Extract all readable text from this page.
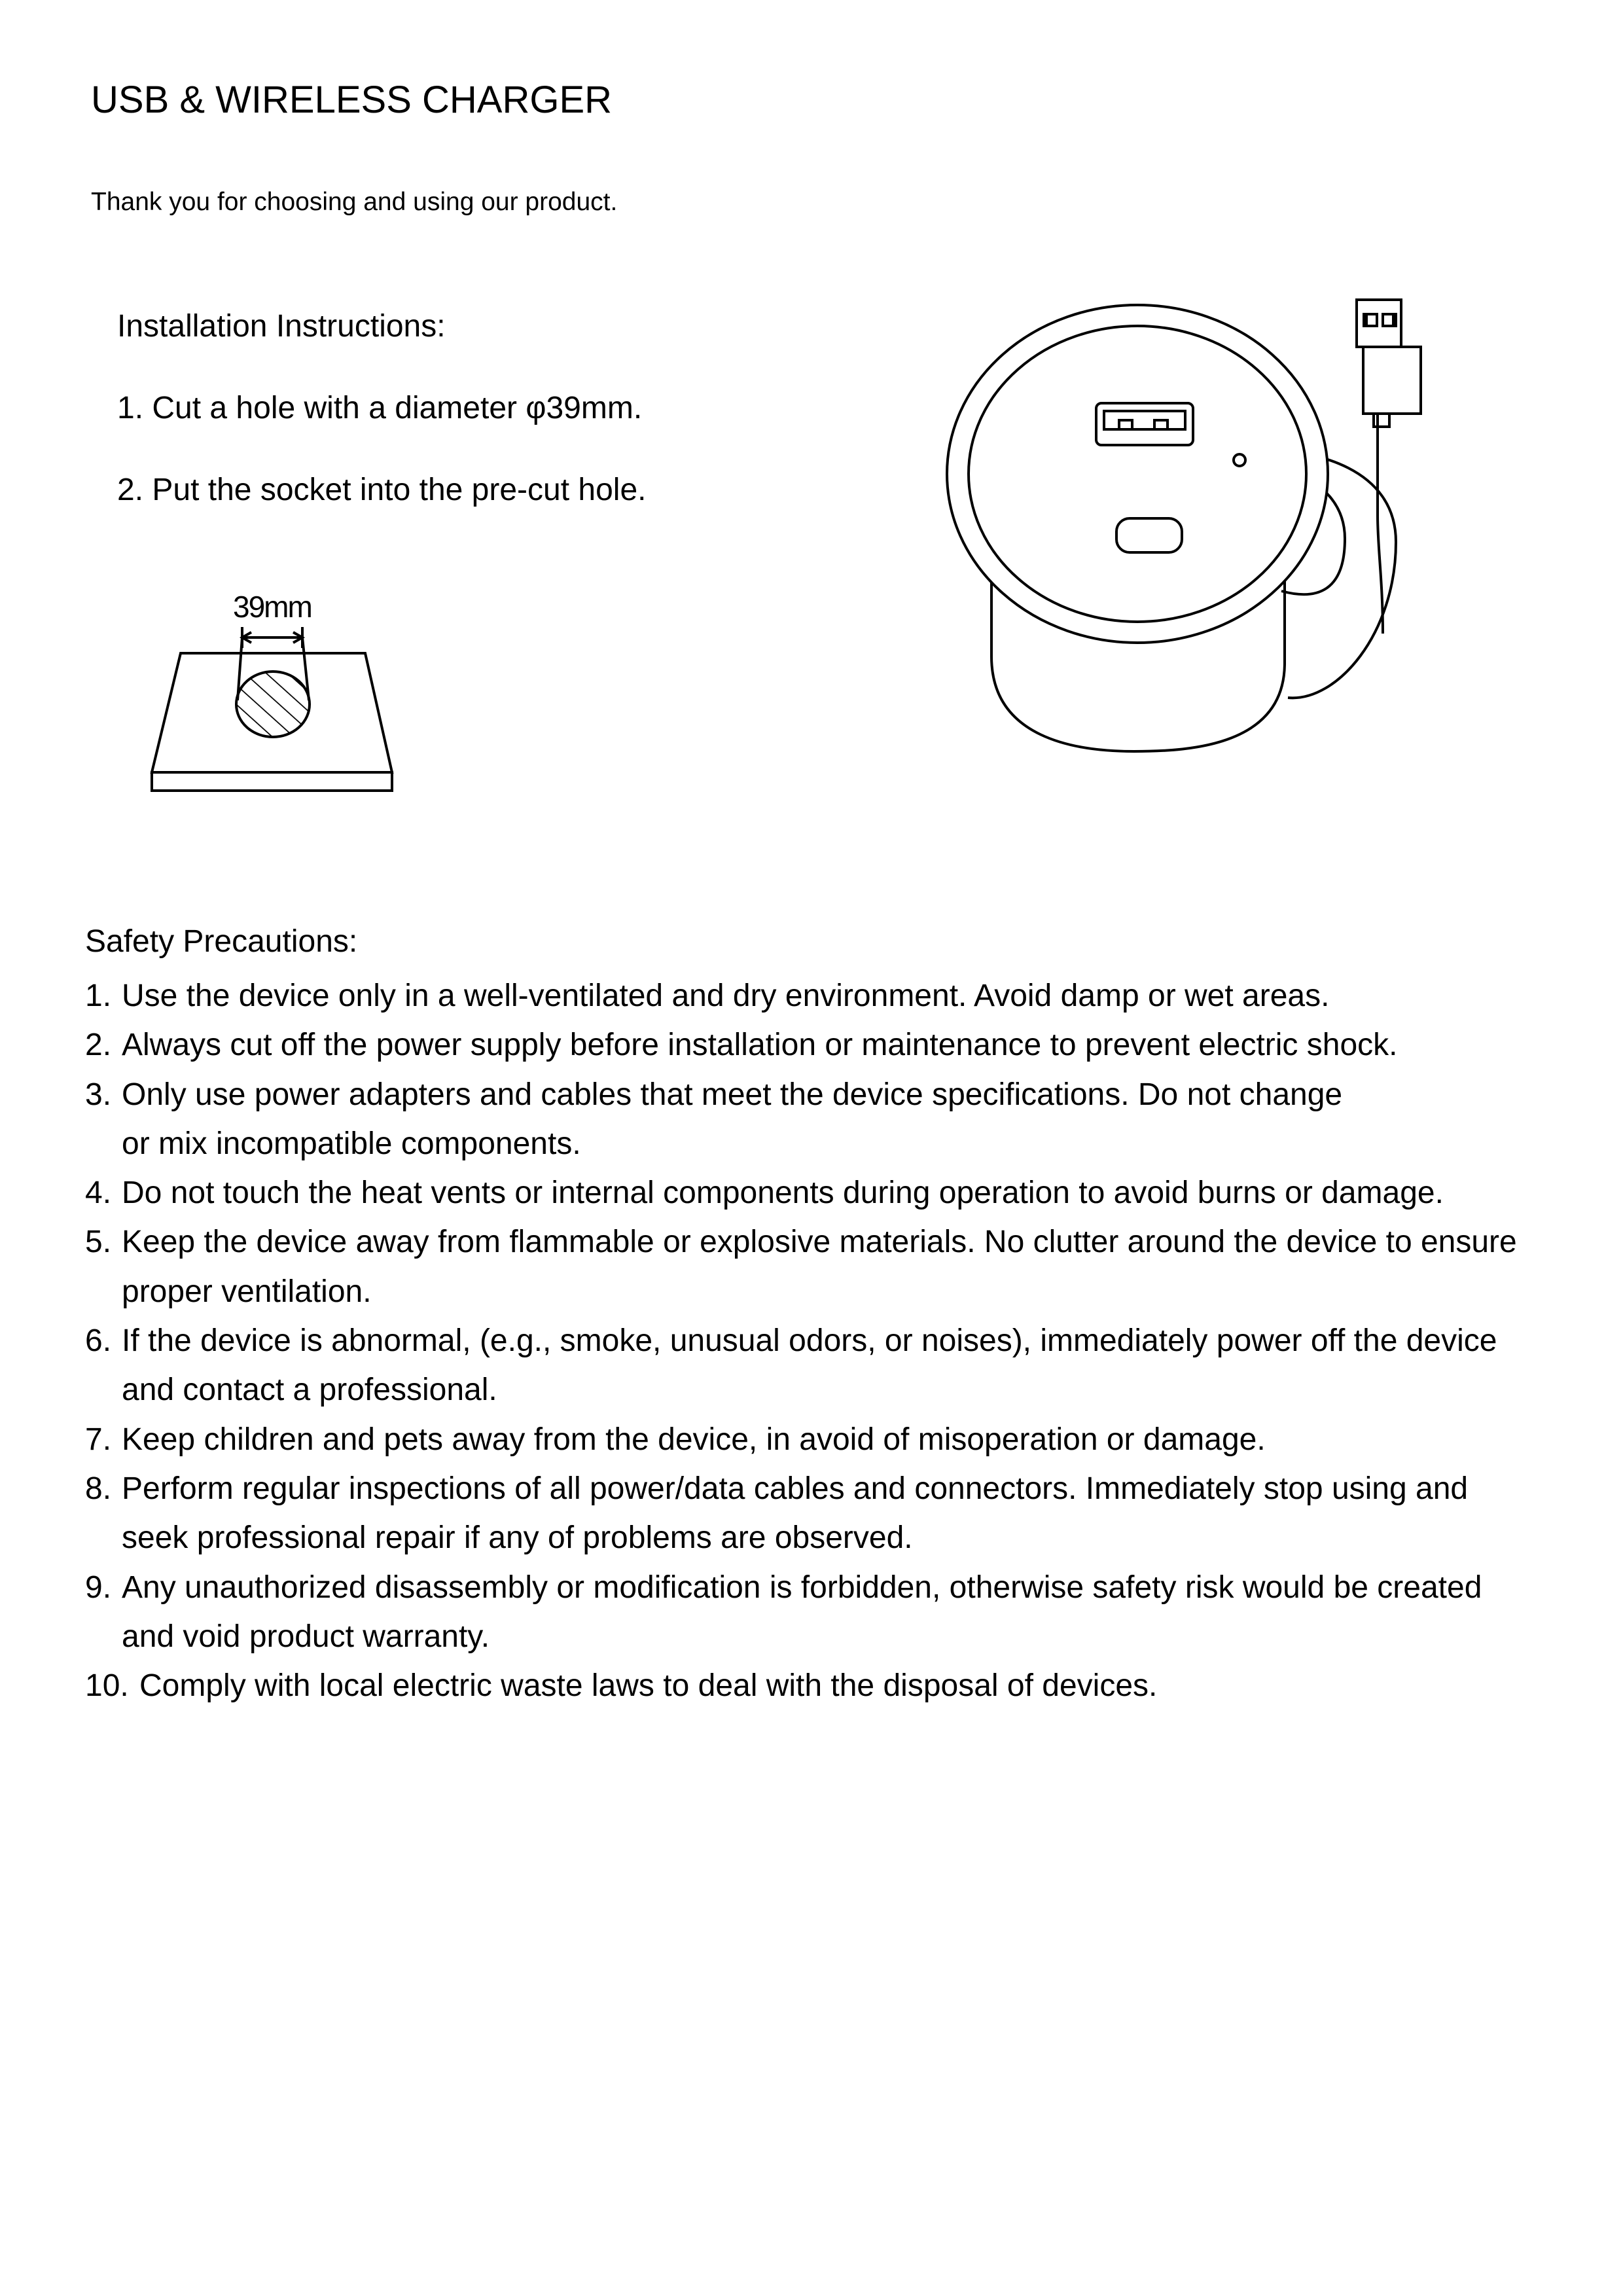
USB & WIRELESS CHARGER
Thank you for choosing and using our product.
Installation Instructions:
1. Cut a hole with a diameter φ39mm.
2. Put the socket into the pre-cut hole.
39mm
Safety Precautions:
1. Use the device only in a well-ventilated and dry environment. Avoid damp or wet areas.
2. Always cut off the power supply before installation or maintenance to prevent electric shock.
3. Only use power adapters and cables that meet the device specifications. Do not change
or mix incompatible components.
4. Do not touch the heat vents or internal components during operation to avoid burns or damage.
5. Keep the device away from flammable or explosive materials. No clutter around the device to ensure
proper ventilation.
6. If the device is abnormal, (e.g., smoke, unusual odors, or noises), immediately power off the device
and contact a professional.
7. Keep children and pets away from the device, in avoid of misoperation or damage.
8. Perform regular inspections of all power/data cables and connectors. Immediately stop using and
seek professional repair if any of problems are observed.
9. Any unauthorized disassembly or modification is forbidden, otherwise safety risk would be created
and void product warranty.
10. Comply with local electric waste laws to deal with the disposal of devices.
